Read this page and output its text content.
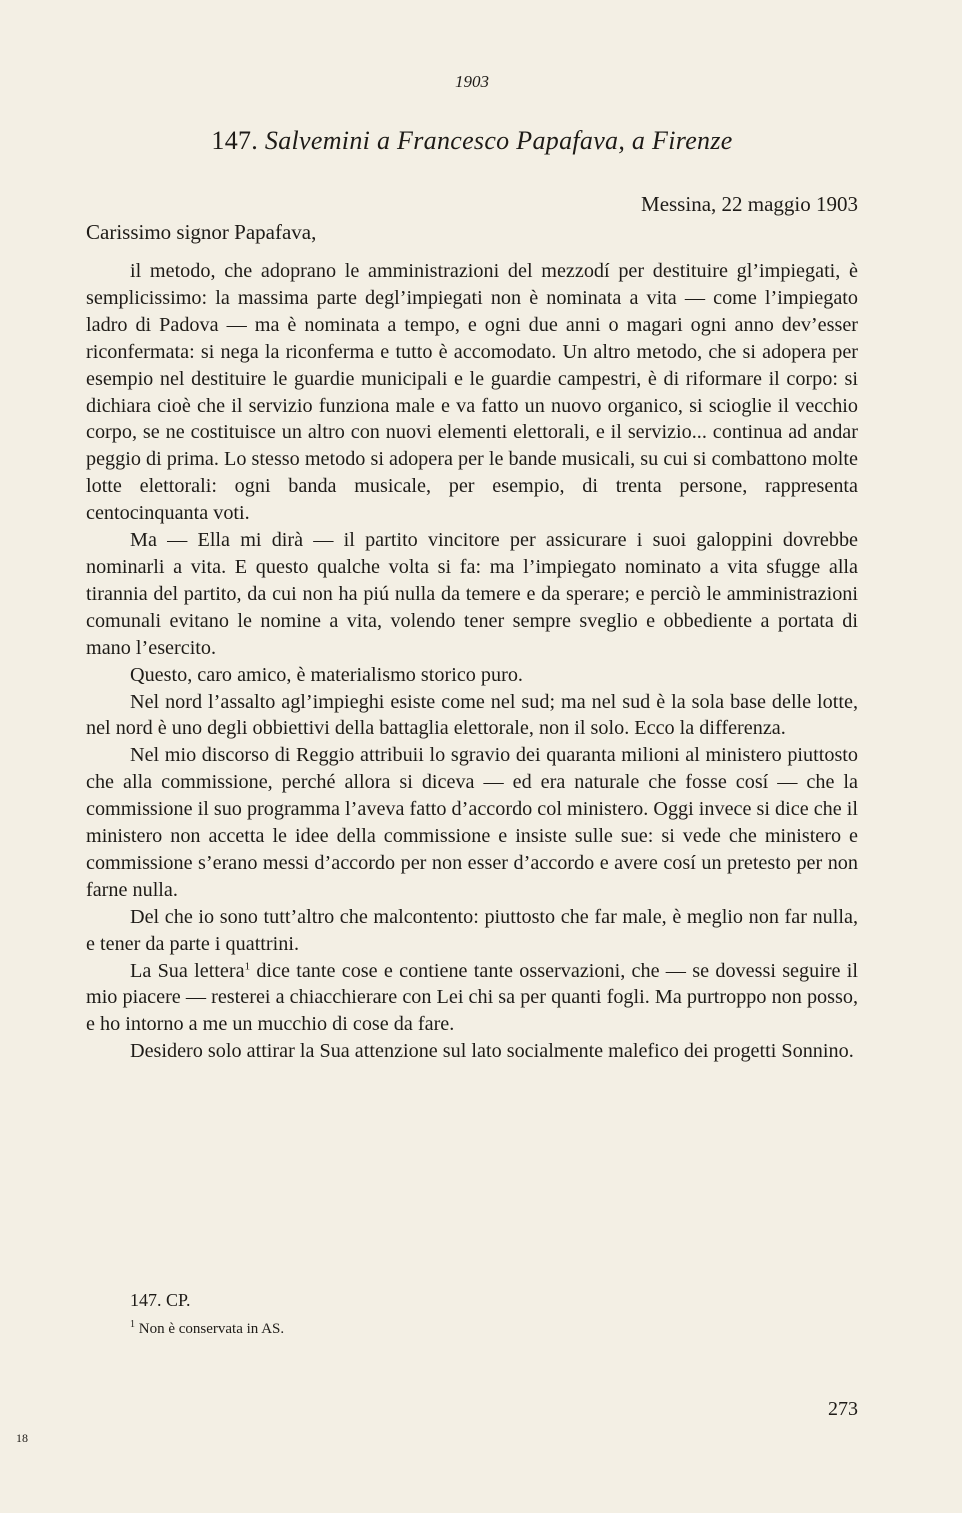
1903
147. Salvemini a Francesco Papafava, a Firenze
Messina, 22 maggio 1903
Carissimo signor Papafava,

il metodo, che adoprano le amministrazioni del mezzodí per destituire gl’impiegati, è semplicissimo: la massima parte degl’impiegati non è nominata a vita — come l’impiegato ladro di Padova — ma è nominata a tempo, e ogni due anni o magari ogni anno dev’esser riconfermata: si nega la riconferma e tutto è accomodato. Un altro metodo, che si adopera per esempio nel destituire le guardie municipali e le guardie campestri, è di riformare il corpo: si dichiara cioè che il servizio funziona male e va fatto un nuovo organico, si scioglie il vecchio corpo, se ne costituisce un altro con nuovi elementi elettorali, e il servizio... continua ad andar peggio di prima. Lo stesso metodo si adopera per le bande musicali, su cui si combattono molte lotte elettorali: ogni banda musicale, per esempio, di trenta persone, rappresenta centocinquanta voti.

Ma — Ella mi dirà — il partito vincitore per assicurare i suoi galoppini dovrebbe nominarli a vita. E questo qualche volta si fa: ma l’impiegato nominato a vita sfugge alla tirannia del partito, da cui non ha piú nulla da temere e da sperare; e perciò le amministrazioni comunali evitano le nomine a vita, volendo tener sempre sveglio e obbediente a portata di mano l’esercito.

Questo, caro amico, è materialismo storico puro.

Nel nord l’assalto agl’impieghi esiste come nel sud; ma nel sud è la sola base delle lotte, nel nord è uno degli obbiettivi della battaglia elettorale, non il solo. Ecco la differenza.

Nel mio discorso di Reggio attribuii lo sgravio dei quaranta milioni al ministero piuttosto che alla commissione, perché allora si diceva — ed era naturale che fosse cosí — che la commissione il suo programma l’aveva fatto d’accordo col ministero. Oggi invece si dice che il ministero non accetta le idee della commissione e insiste sulle sue: si vede che ministero e commissione s’erano messi d’accordo per non esser d’accordo e avere cosí un pretesto per non farne nulla.

Del che io sono tutt’altro che malcontento: piuttosto che far male, è meglio non far nulla, e tener da parte i quattrini.

La Sua lettera$^1$ dice tante cose e contiene tante osservazioni, che — se dovessi seguire il mio piacere — resterei a chiacchierare con Lei chi sa per quanti fogli. Ma purtroppo non posso, e ho intorno a me un mucchio di cose da fare.

Desidero solo attirar la Sua attenzione sul lato socialmente malefico dei progetti Sonnino.

147. CP.
$^1$ Non è conservata in AS.
273
18
